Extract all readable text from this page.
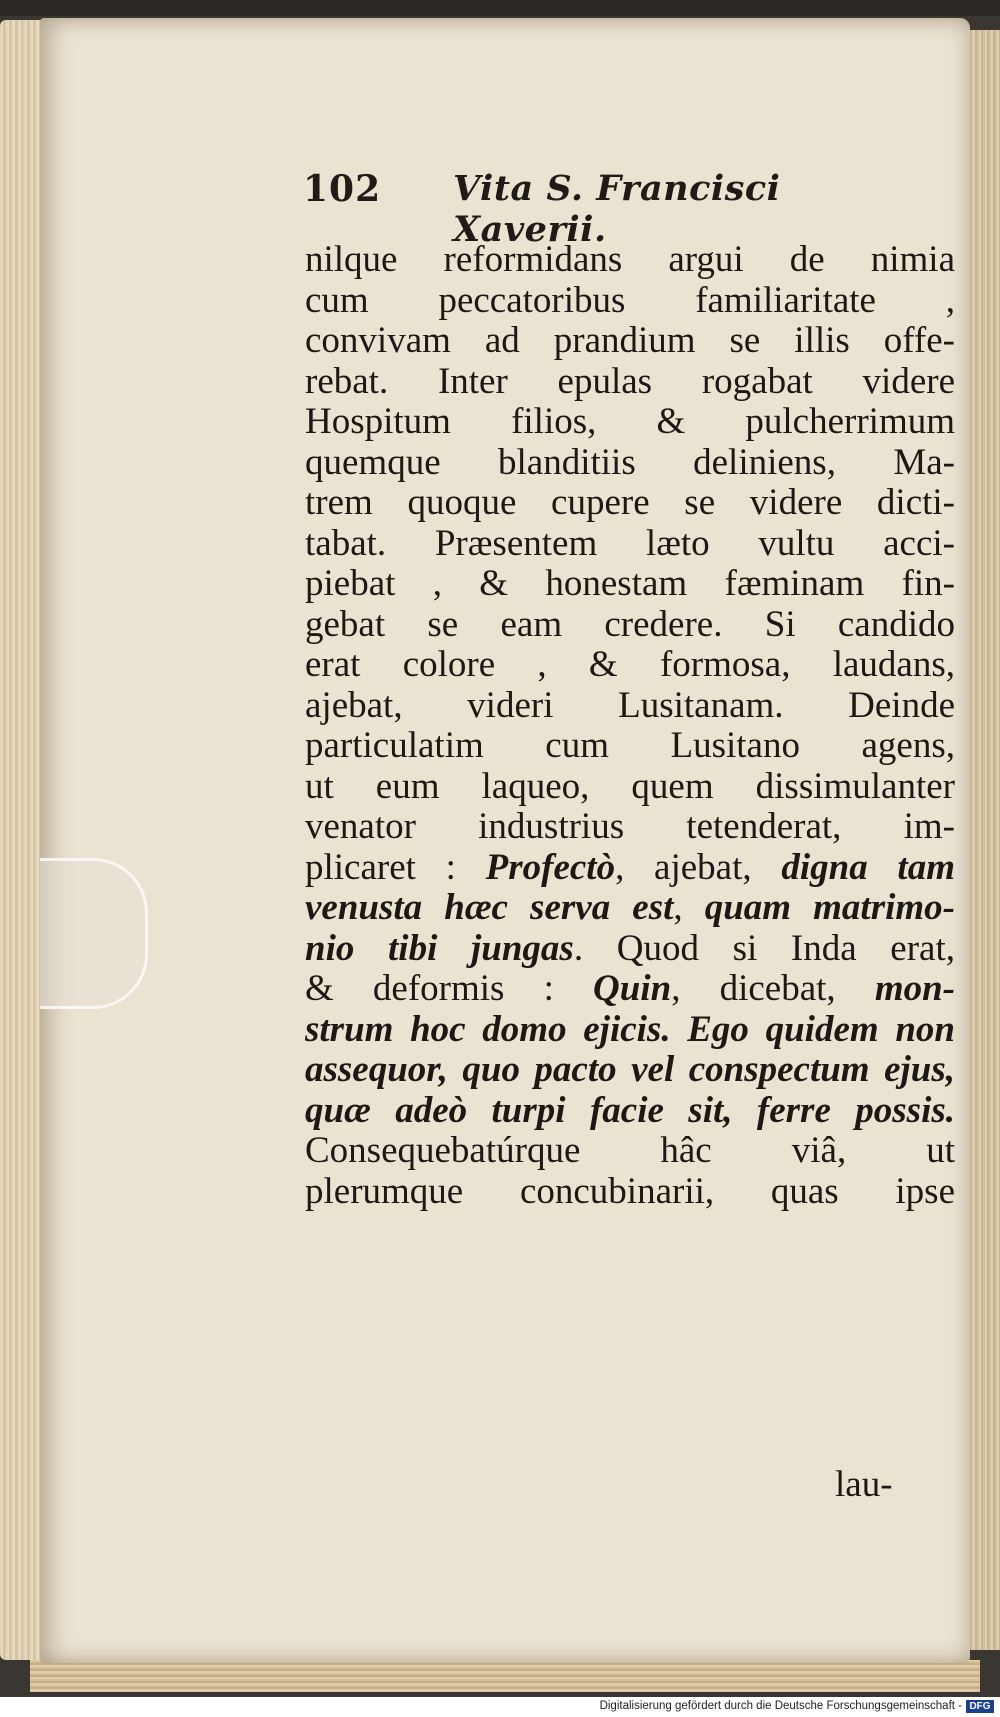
102 Vita S. Francisci Xaverii.
nilque reformidans argui de nimia
cum peccatoribus familiaritate ,
convivam ad prandium se illis offe-
rebat. Inter epulas rogabat videre
Hospitum filios, & pulcherrimum
quemque blanditiis deliniens, Ma-
trem quoque cupere se videre dicti-
tabat. Præsentem læto vultu acci-
piebat , & honestam fæminam fin-
gebat se eam credere. Si candido
erat colore , & formosa, laudans,
ajebat, videri Lusitanam. Deinde
particulatim cum Lusitano agens,
ut eum laqueo, quem dissimulanter
venator industrius tetenderat, im-
plicaret : Profectò, ajebat, digna tam
venusta hæc serva est, quam matrimo-
nio tibi jungas. Quod si Inda erat,
& deformis : Quin, dicebat, mon-
strum hoc domo ejicis. Ego quidem non
assequor, quo pacto vel conspectum ejus,
quæ adeò turpi facie sit, ferre possis.
Consequebatúrque hâc viâ, ut
plerumque concubinarii, quas ipse
lau-
Digitalisierung gefördert durch die Deutsche Forschungsgemeinschaft - DFG
